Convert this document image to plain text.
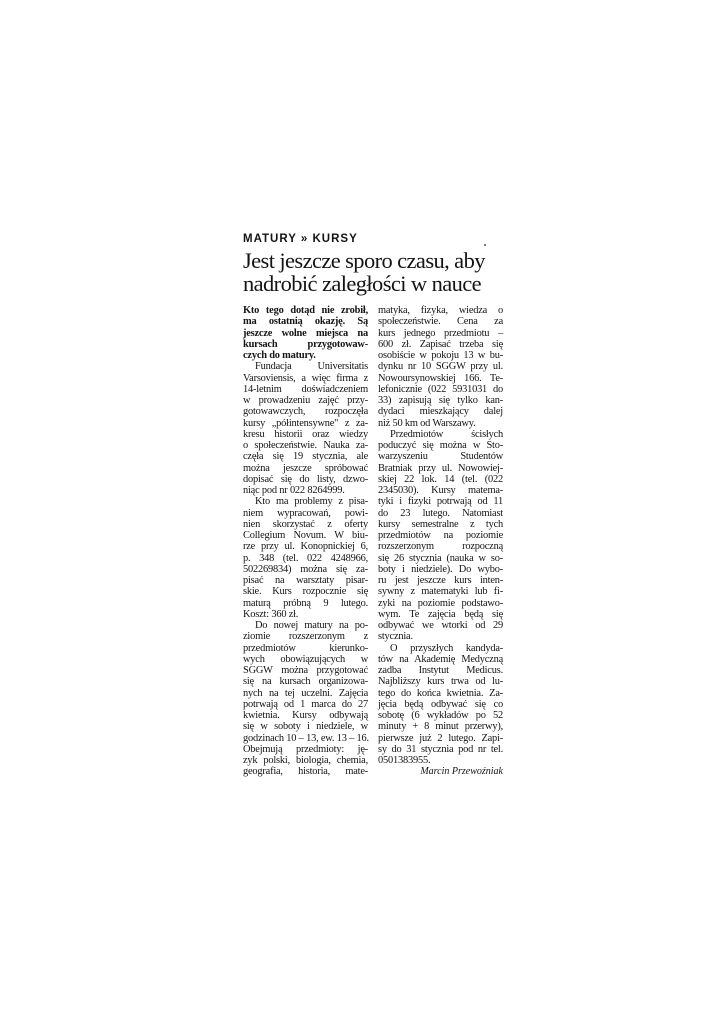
MATURY » KURSY
Jest jeszcze sporo czasu, aby
nadrobić zaległości w nauce
Kto tego dotąd nie zrobił,
ma ostatnią okazję. Są
jeszcze wolne miejsca na
kursach przygotowaw-
czych do matury.
Fundacja Universitatis
Varsoviensis, a więc firma z
14-letnim doświadczeniem
w prowadzeniu zajęć przy-
gotowawczych, rozpoczęła
kursy „półintensywne" z za-
kresu historii oraz wiedzy
o społeczeństwie. Nauka za-
częła się 19 stycznia, ale
można jeszcze spróbować
dopisać się do listy, dzwo-
niąc pod nr 022 8264999.
Kto ma problemy z pisa-
niem wypracowań, powi-
nien skorzystać z oferty
Collegium Novum. W biu-
rze przy ul. Konopnickiej 6,
p. 348 (tel. 022 4248966,
502269834) można się za-
pisać na warsztaty pisar-
skie. Kurs rozpocznie się
maturą próbną 9 lutego.
Koszt: 360 zł.
Do nowej matury na po-
ziomie rozszerzonym z
przedmiotów kierunko-
wych obowiązujących w
SGGW można przygotować
się na kursach organizowa-
nych na tej uczelni. Zajęcia
potrwają od 1 marca do 27
kwietnia. Kursy odbywają
się w soboty i niedziele, w
godzinach 10 – 13, ew. 13 – 16.
Obejmują przedmioty: ję-
zyk polski, biologia, chemia,
geografia, historia, mate-
matyka, fizyka, wiedza o
społeczeństwie. Cena za
kurs jednego przedmiotu –
600 zł. Zapisać trzeba się
osobiście w pokoju 13 w bu-
dynku nr 10 SGGW przy ul.
Nowoursynowskiej 166. Te-
lefonicznie (022 5931031 do
33) zapisują się tylko kan-
dydaci mieszkający dalej
niż 50 km od Warszawy.
Przedmiotów ścisłych
poduczyć się można w Sto-
warzyszeniu Studentów
Bratniak przy ul. Nowowiej-
skiej 22 lok. 14 (tel. (022
2345030). Kursy matema-
tyki i fizyki potrwają od 11
do 23 lutego. Natomiast
kursy semestralne z tych
przedmiotów na poziomie
rozszerzonym rozpoczną
się 26 stycznia (nauka w so-
boty i niedziele). Do wybo-
ru jest jeszcze kurs inten-
sywny z matematyki lub fi-
zyki na poziomie podstawo-
wym. Te zajęcia będą się
odbywać we wtorki od 29
stycznia.
O przyszłych kandyda-
tów na Akademię Medyczną
zadba Instytut Medicus.
Najbliższy kurs trwa od lu-
tego do końca kwietnia. Za-
jęcia będą odbywać się co
sobotę (6 wykładów po 52
minuty + 8 minut przerwy),
pierwsze już 2 lutego. Zapi-
sy do 31 stycznia pod nr tel.
0501383955.
Marcin Przewoźniak
